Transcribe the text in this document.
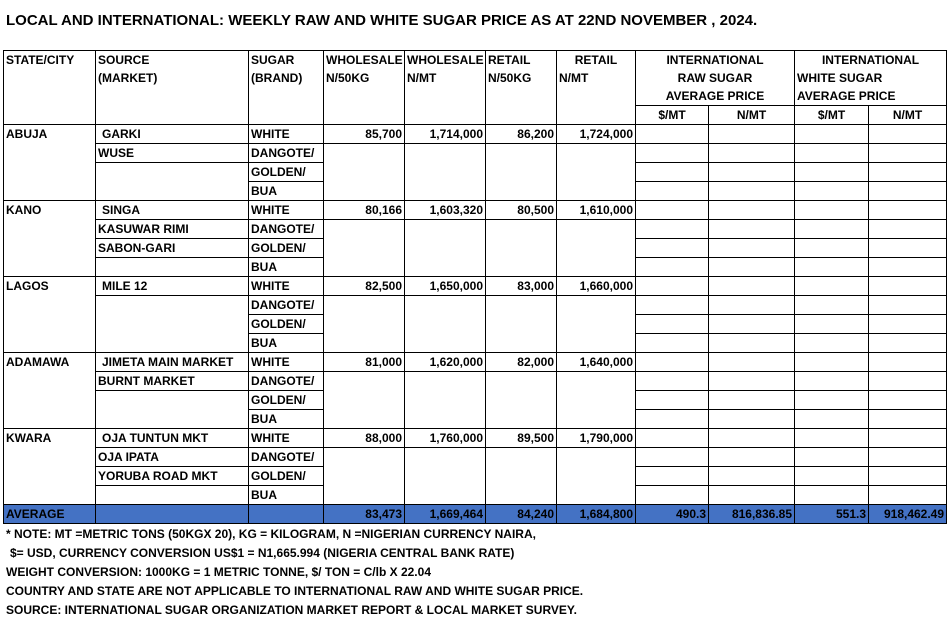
LOCAL AND INTERNATIONAL: WEEKLY RAW AND WHITE SUGAR PRICE AS AT 22ND NOVEMBER , 2024.
STATE/CITY	SOURCE	SUGAR	WHOLESALE	WHOLESALE	RETAIL	RETAIL	INTERNATIONAL		INTERNATIONAL	
	(MARKET)	(BRAND)	N/50KG	N/MT	N/50KG	N/MT	RAW SUGAR		WHITE SUGAR	
							AVERAGE PRICE		AVERAGE PRICE	
							$/MT	N/MT	$/MT	N/MT
ABUJA	GARKI	WHITE	85,700	1,714,000	86,200	1,724,000				
	WUSE	DANGOTE/								
		GOLDEN/								
		BUA								
KANO	SINGA	WHITE	80,166	1,603,320	80,500	1,610,000				
	KASUWAR RIMI	DANGOTE/								
	SABON-GARI	GOLDEN/								
		BUA								
LAGOS	MILE 12	WHITE	82,500	1,650,000	83,000	1,660,000				
		DANGOTE/								
		GOLDEN/								
		BUA								
ADAMAWA	JIMETA MAIN MARKET	WHITE	81,000	1,620,000	82,000	1,640,000				
	BURNT MARKET	DANGOTE/								
		GOLDEN/								
		BUA								
KWARA	OJA TUNTUN MKT	WHITE	88,000	1,760,000	89,500	1,790,000				
	OJA IPATA	DANGOTE/								
	YORUBA ROAD MKT	GOLDEN/								
		BUA								
AVERAGE			83,473	1,669,464	84,240	1,684,800	490.3	816,836.85	551.3	918,462.49
* NOTE: MT =METRIC TONS (50KGX 20), KG = KILOGRAM, N =NIGERIAN CURRENCY NAIRA,
$= USD, CURRENCY CONVERSION US$1 = N1,665.994 (NIGERIA CENTRAL BANK RATE)
WEIGHT CONVERSION: 1000KG = 1 METRIC TONNE, $/ TON = C/lb X 22.04
COUNTRY AND STATE ARE NOT APPLICABLE TO INTERNATIONAL RAW AND WHITE SUGAR PRICE.
SOURCE: INTERNATIONAL SUGAR ORGANIZATION MARKET REPORT & LOCAL MARKET SURVEY.
